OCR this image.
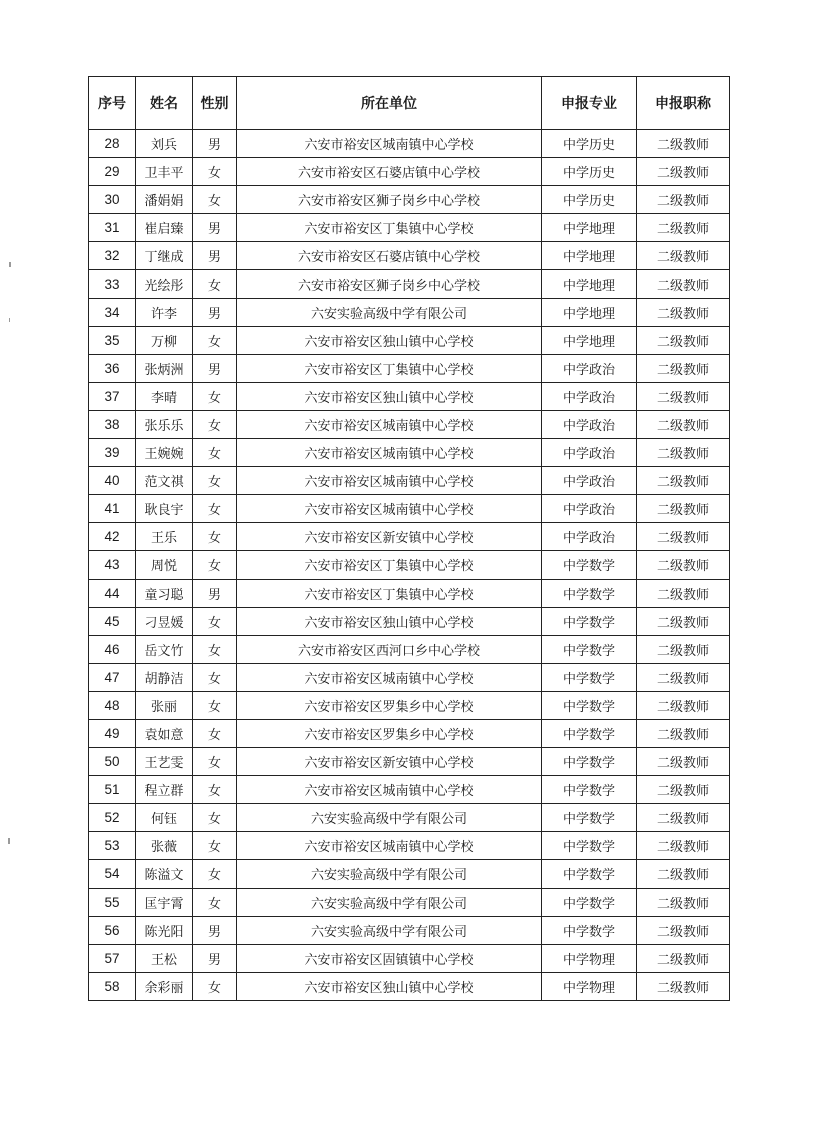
序号	姓名	性别	所在单位	申报专业	申报职称
28	刘兵	男	六安市裕安区城南镇中心学校	中学历史	二级教师
29	卫丰平	女	六安市裕安区石婆店镇中心学校	中学历史	二级教师
30	潘娟娟	女	六安市裕安区狮子岗乡中心学校	中学历史	二级教师
31	崔启臻	男	六安市裕安区丁集镇中心学校	中学地理	二级教师
32	丁继成	男	六安市裕安区石婆店镇中心学校	中学地理	二级教师
33	光绘彤	女	六安市裕安区狮子岗乡中心学校	中学地理	二级教师
34	许李	男	六安实验高级中学有限公司	中学地理	二级教师
35	万柳	女	六安市裕安区独山镇中心学校	中学地理	二级教师
36	张炳洲	男	六安市裕安区丁集镇中心学校	中学政治	二级教师
37	李晴	女	六安市裕安区独山镇中心学校	中学政治	二级教师
38	张乐乐	女	六安市裕安区城南镇中心学校	中学政治	二级教师
39	王婉婉	女	六安市裕安区城南镇中心学校	中学政治	二级教师
40	范文祺	女	六安市裕安区城南镇中心学校	中学政治	二级教师
41	耿良宇	女	六安市裕安区城南镇中心学校	中学政治	二级教师
42	王乐	女	六安市裕安区新安镇中心学校	中学政治	二级教师
43	周悦	女	六安市裕安区丁集镇中心学校	中学数学	二级教师
44	童习聪	男	六安市裕安区丁集镇中心学校	中学数学	二级教师
45	刁昱媛	女	六安市裕安区独山镇中心学校	中学数学	二级教师
46	岳文竹	女	六安市裕安区西河口乡中心学校	中学数学	二级教师
47	胡静洁	女	六安市裕安区城南镇中心学校	中学数学	二级教师
48	张丽	女	六安市裕安区罗集乡中心学校	中学数学	二级教师
49	袁如意	女	六安市裕安区罗集乡中心学校	中学数学	二级教师
50	王艺雯	女	六安市裕安区新安镇中心学校	中学数学	二级教师
51	程立群	女	六安市裕安区城南镇中心学校	中学数学	二级教师
52	何钰	女	六安实验高级中学有限公司	中学数学	二级教师
53	张薇	女	六安市裕安区城南镇中心学校	中学数学	二级教师
54	陈溢文	女	六安实验高级中学有限公司	中学数学	二级教师
55	匡宇霄	女	六安实验高级中学有限公司	中学数学	二级教师
56	陈光阳	男	六安实验高级中学有限公司	中学数学	二级教师
57	王松	男	六安市裕安区固镇镇中心学校	中学物理	二级教师
58	余彩丽	女	六安市裕安区独山镇中心学校	中学物理	二级教师
